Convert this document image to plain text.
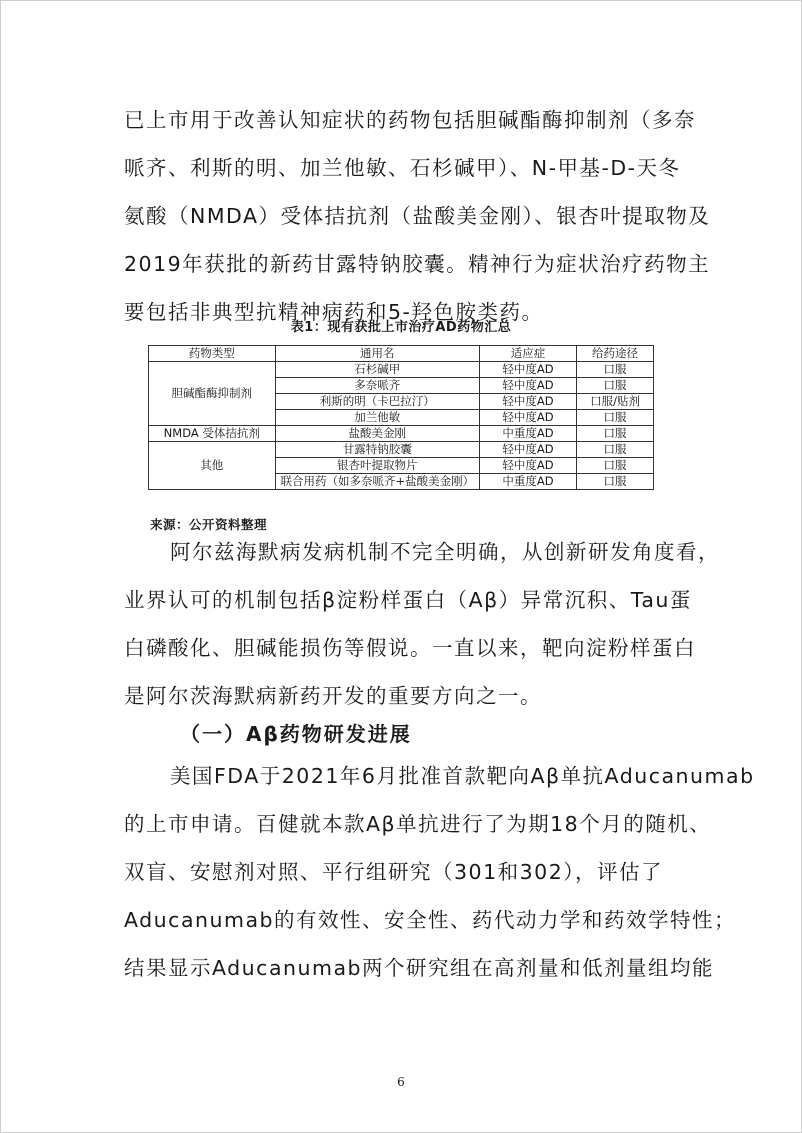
已上市用于改善认知症状的药物包括胆碱酯酶抑制剂（多奈
哌齐、利斯的明、加兰他敏、石杉碱甲）、N-甲基-D-天冬
氨酸（NMDA）受体拮抗剂（盐酸美金刚）、银杏叶提取物及
2019年获批的新药甘露特钠胶囊。精神行为症状治疗药物主
要包括非典型抗精神病药和5-羟色胺类药。
表1：现有获批上市治疗AD药物汇总
药物类型	通用名	适应症	给药途径
胆碱酯酶抑制剂	石杉碱甲	轻中度AD	口服
	多奈哌齐	轻中度AD	口服
	利斯的明（卡巴拉汀）	轻中度AD	口服/贴剂
	加兰他敏	轻中度AD	口服
NMDA 受体拮抗剂	盐酸美金刚	中重度AD	口服
其他	甘露特钠胶囊	轻中度AD	口服
	银杏叶提取物片	轻中度AD	口服
	联合用药（如多奈哌齐+盐酸美金刚）	中重度AD	口服
来源：公开资料整理
阿尔兹海默病发病机制不完全明确，从创新研发角度看，
业界认可的机制包括β淀粉样蛋白（Aβ）异常沉积、Tau蛋
白磷酸化、胆碱能损伤等假说。一直以来，靶向淀粉样蛋白
是阿尔茨海默病新药开发的重要方向之一。
（一）Aβ药物研发进展
美国FDA于2021年6月批准首款靶向Aβ单抗Aducanumab
的上市申请。百健就本款Aβ单抗进行了为期18个月的随机、
双盲、安慰剂对照、平行组研究（301和302），评估了
Aducanumab的有效性、安全性、药代动力学和药效学特性；
结果显示Aducanumab两个研究组在高剂量和低剂量组均能
6
